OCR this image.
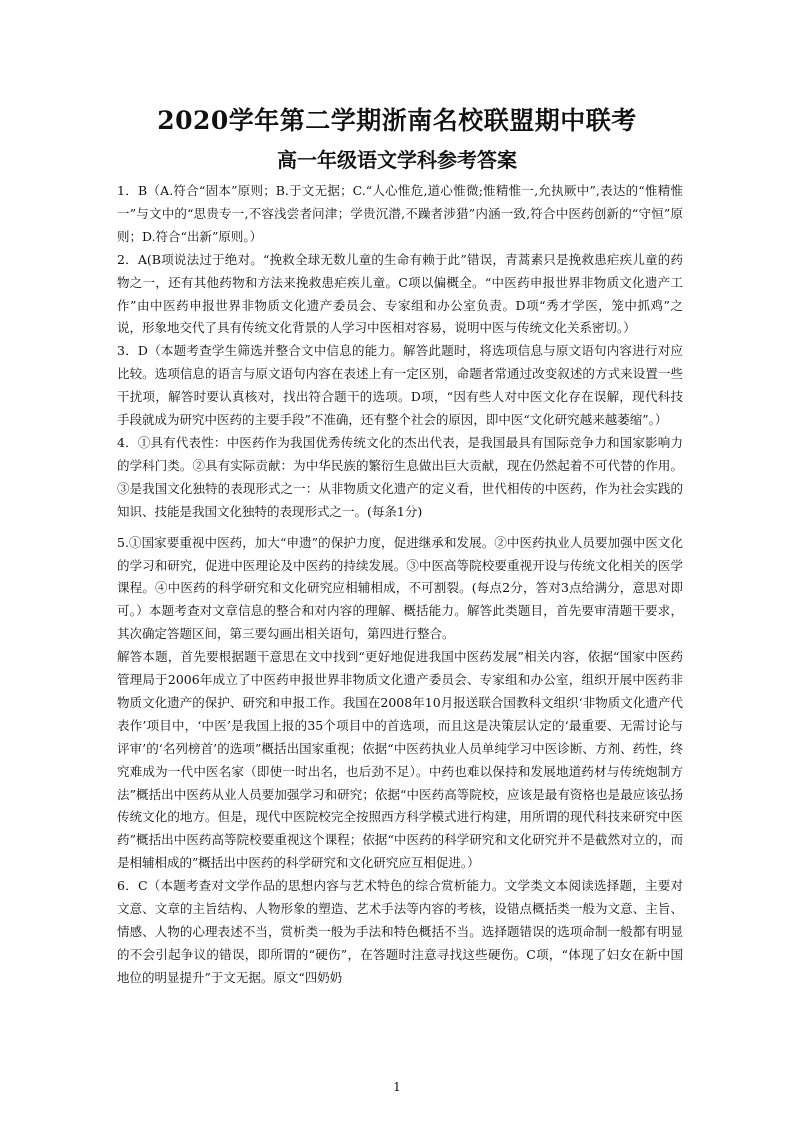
2020学年第二学期浙南名校联盟期中联考
高一年级语文学科参考答案

1．B（A.符合“固本”原则；B.于文无据；C.“人心惟危,道心惟微;惟精惟一,允执厥中”,表达的“惟精惟一”与文中的“思贵专一,不容浅尝者问津；学贵沉潜,不躁者涉猎”内涵一致,符合中医药创新的“守恒”原则；D.符合“出新”原则。）

2．A(B项说法过于绝对。“挽救全球无数儿童的生命有赖于此”错误，青蒿素只是挽救患疟疾儿童的药物之一，还有其他药物和方法来挽救患疟疾儿童。C项以偏概全。“中医药申报世界非物质文化遗产工作”由中医药申报世界非物质文化遗产委员会、专家组和办公室负责。D项“秀才学医，笼中抓鸡”之说，形象地交代了具有传统文化背景的人学习中医相对容易，说明中医与传统文化关系密切。）

3．D（本题考查学生筛选并整合文中信息的能力。解答此题时，将选项信息与原文语句内容进行对应比较。选项信息的语言与原文语句内容在表述上有一定区别，命题者常通过改变叙述的方式来设置一些干扰项，解答时要认真核对，找出符合题干的选项。D项，“因有些人对中医文化存在误解，现代科技手段就成为研究中医药的主要手段”不准确，还有整个社会的原因，即中医“文化研究越来越萎缩”。）

4．①具有代表性：中医药作为我国优秀传统文化的杰出代表，是我国最具有国际竞争力和国家影响力的学科门类。②具有实际贡献：为中华民族的繁衍生息做出巨大贡献，现在仍然起着不可代替的作用。③是我国文化独特的表现形式之一：从非物质文化遗产的定义看，世代相传的中医药，作为社会实践的知识、技能是我国文化独特的表现形式之一。(每条1分)

5.①国家要重视中医药，加大“申遗”的保护力度，促进继承和发展。②中医药执业人员要加强中医文化的学习和研究，促进中医理论及中医药的持续发展。③中医高等院校要重视开设与传统文化相关的医学课程。④中医药的科学研究和文化研究应相辅相成，不可割裂。(每点2分，答对3点给满分，意思对即可。）本题考查对文章信息的整合和对内容的理解、概括能力。解答此类题目，首先要审清题干要求，其次确定答题区间，第三要勾画出相关语句，第四进行整合。

解答本题，首先要根据题干意思在文中找到“更好地促进我国中医药发展”相关内容，依据“国家中医药管理局于2006年成立了中医药申报世界非物质文化遗产委员会、专家组和办公室，组织开展中医药非物质文化遗产的保护、研究和申报工作。我国在2008年10月报送联合国教科文组织‘非物质文化遗产代表作’项目中，‘中医’是我国上报的35个项目中的首选项，而且这是决策层认定的‘最重要、无需讨论与评审’的‘名列榜首’的选项”概括出国家重视；依据“中医药执业人员单纯学习中医诊断、方剂、药性，终究难成为一代中医名家（即使一时出名，也后劲不足）。中药也难以保持和发展地道药材与传统炮制方法”概括出中医药从业人员要加强学习和研究；依据“中医药高等院校，应该是最有资格也是最应该弘扬传统文化的地方。但是，现代中医院校完全按照西方科学模式进行构建，用所谓的现代科技来研究中医药”概括出中医药高等院校要重视这个课程；依据“中医药的科学研究和文化研究并不是截然对立的，而是相辅相成的”概括出中医药的科学研究和文化研究应互相促进。）

6．C（本题考查对文学作品的思想内容与艺术特色的综合赏析能力。文学类文本阅读选择题，主要对文意、文章的主旨结构、人物形象的塑造、艺术手法等内容的考核，设错点概括类一般为文意、主旨、情感、人物的心理表述不当，赏析类一般为手法和特色概括不当。选择题错误的选项命制一般都有明显的不会引起争议的错误，即所谓的“硬伤”，在答题时注意寻找这些硬伤。C项，“体现了妇女在新中国地位的明显提升”于文无据。原文“四奶奶

1
